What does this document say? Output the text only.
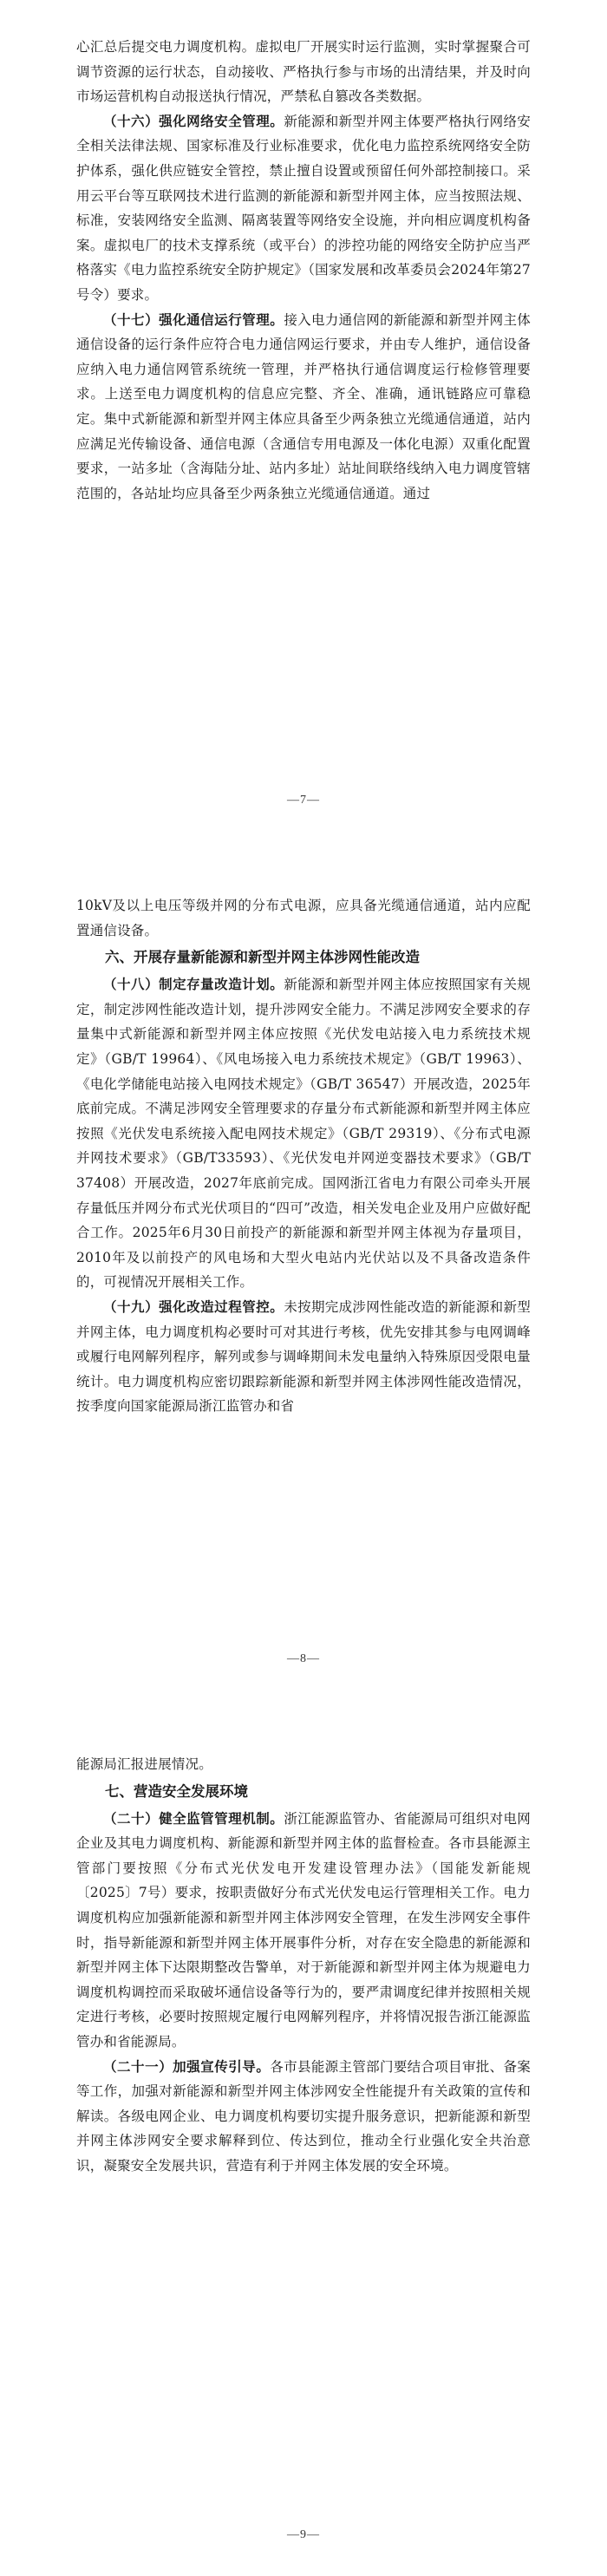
心汇总后提交电力调度机构。虚拟电厂开展实时运行监测，实时掌握聚合可调节资源的运行状态，自动接收、严格执行参与市场的出清结果，并及时向市场运营机构自动报送执行情况，严禁私自篡改各类数据。

（十六）强化网络安全管理。新能源和新型并网主体要严格执行网络安全相关法律法规、国家标准及行业标准要求，优化电力监控系统网络安全防护体系，强化供应链安全管控，禁止擅自设置或预留任何外部控制接口。采用云平台等互联网技术进行监测的新能源和新型并网主体，应当按照法规、标准，安装网络安全监测、隔离装置等网络安全设施，并向相应调度机构备案。虚拟电厂的技术支撑系统（或平台）的涉控功能的网络安全防护应当严格落实《电力监控系统安全防护规定》（国家发展和改革委员会2024年第27号令）要求。

（十七）强化通信运行管理。接入电力通信网的新能源和新型并网主体通信设备的运行条件应符合电力通信网运行要求，并由专人维护，通信设备应纳入电力通信网管系统统一管理，并严格执行通信调度运行检修管理要求。上送至电力调度机构的信息应完整、齐全、准确，通讯链路应可靠稳定。集中式新能源和新型并网主体应具备至少两条独立光缆通信通道，站内应满足光传输设备、通信电源（含通信专用电源及一体化电源）双重化配置要求，一站多址（含海陆分址、站内多址）站址间联络线纳入电力调度管辖范围的，各站址均应具备至少两条独立光缆通信通道。通过

—7—

10kV及以上电压等级并网的分布式电源，应具备光缆通信通道，站内应配置通信设备。

六、开展存量新能源和新型并网主体涉网性能改造

（十八）制定存量改造计划。新能源和新型并网主体应按照国家有关规定，制定涉网性能改造计划，提升涉网安全能力。不满足涉网安全要求的存量集中式新能源和新型并网主体应按照《光伏发电站接入电力系统技术规定》（GB/T 19964）、《风电场接入电力系统技术规定》（GB/T 19963）、《电化学储能电站接入电网技术规定》（GB/T 36547）开展改造，2025年底前完成。不满足涉网安全管理要求的存量分布式新能源和新型并网主体应按照《光伏发电系统接入配电网技术规定》（GB/T 29319）、《分布式电源并网技术要求》（GB/T33593）、《光伏发电并网逆变器技术要求》（GB/T 37408）开展改造，2027年底前完成。国网浙江省电力有限公司牵头开展存量低压并网分布式光伏项目的“四可”改造，相关发电企业及用户应做好配合工作。2025年6月30日前投产的新能源和新型并网主体视为存量项目，2010年及以前投产的风电场和大型火电站内光伏站以及不具备改造条件的，可视情况开展相关工作。

（十九）强化改造过程管控。未按期完成涉网性能改造的新能源和新型并网主体，电力调度机构必要时可对其进行考核，优先安排其参与电网调峰或履行电网解列程序，解列或参与调峰期间未发电量纳入特殊原因受限电量统计。电力调度机构应密切跟踪新能源和新型并网主体涉网性能改造情况，按季度向国家能源局浙江监管办和省

—8—

能源局汇报进展情况。

七、营造安全发展环境

（二十）健全监管管理机制。浙江能源监管办、省能源局可组织对电网企业及其电力调度机构、新能源和新型并网主体的监督检查。各市县能源主管部门要按照《分布式光伏发电开发建设管理办法》（国能发新能规〔2025〕7号）要求，按职责做好分布式光伏发电运行管理相关工作。电力调度机构应加强新能源和新型并网主体涉网安全管理，在发生涉网安全事件时，指导新能源和新型并网主体开展事件分析，对存在安全隐患的新能源和新型并网主体下达限期整改告警单，对于新能源和新型并网主体为规避电力调度机构调控而采取破坏通信设备等行为的，要严肃调度纪律并按照相关规定进行考核，必要时按照规定履行电网解列程序，并将情况报告浙江能源监管办和省能源局。

（二十一）加强宣传引导。各市县能源主管部门要结合项目审批、备案等工作，加强对新能源和新型并网主体涉网安全性能提升有关政策的宣传和解读。各级电网企业、电力调度机构要切实提升服务意识，把新能源和新型并网主体涉网安全要求解释到位、传达到位，推动全行业强化安全共治意识，凝聚安全发展共识，营造有利于并网主体发展的安全环境。

—9—
